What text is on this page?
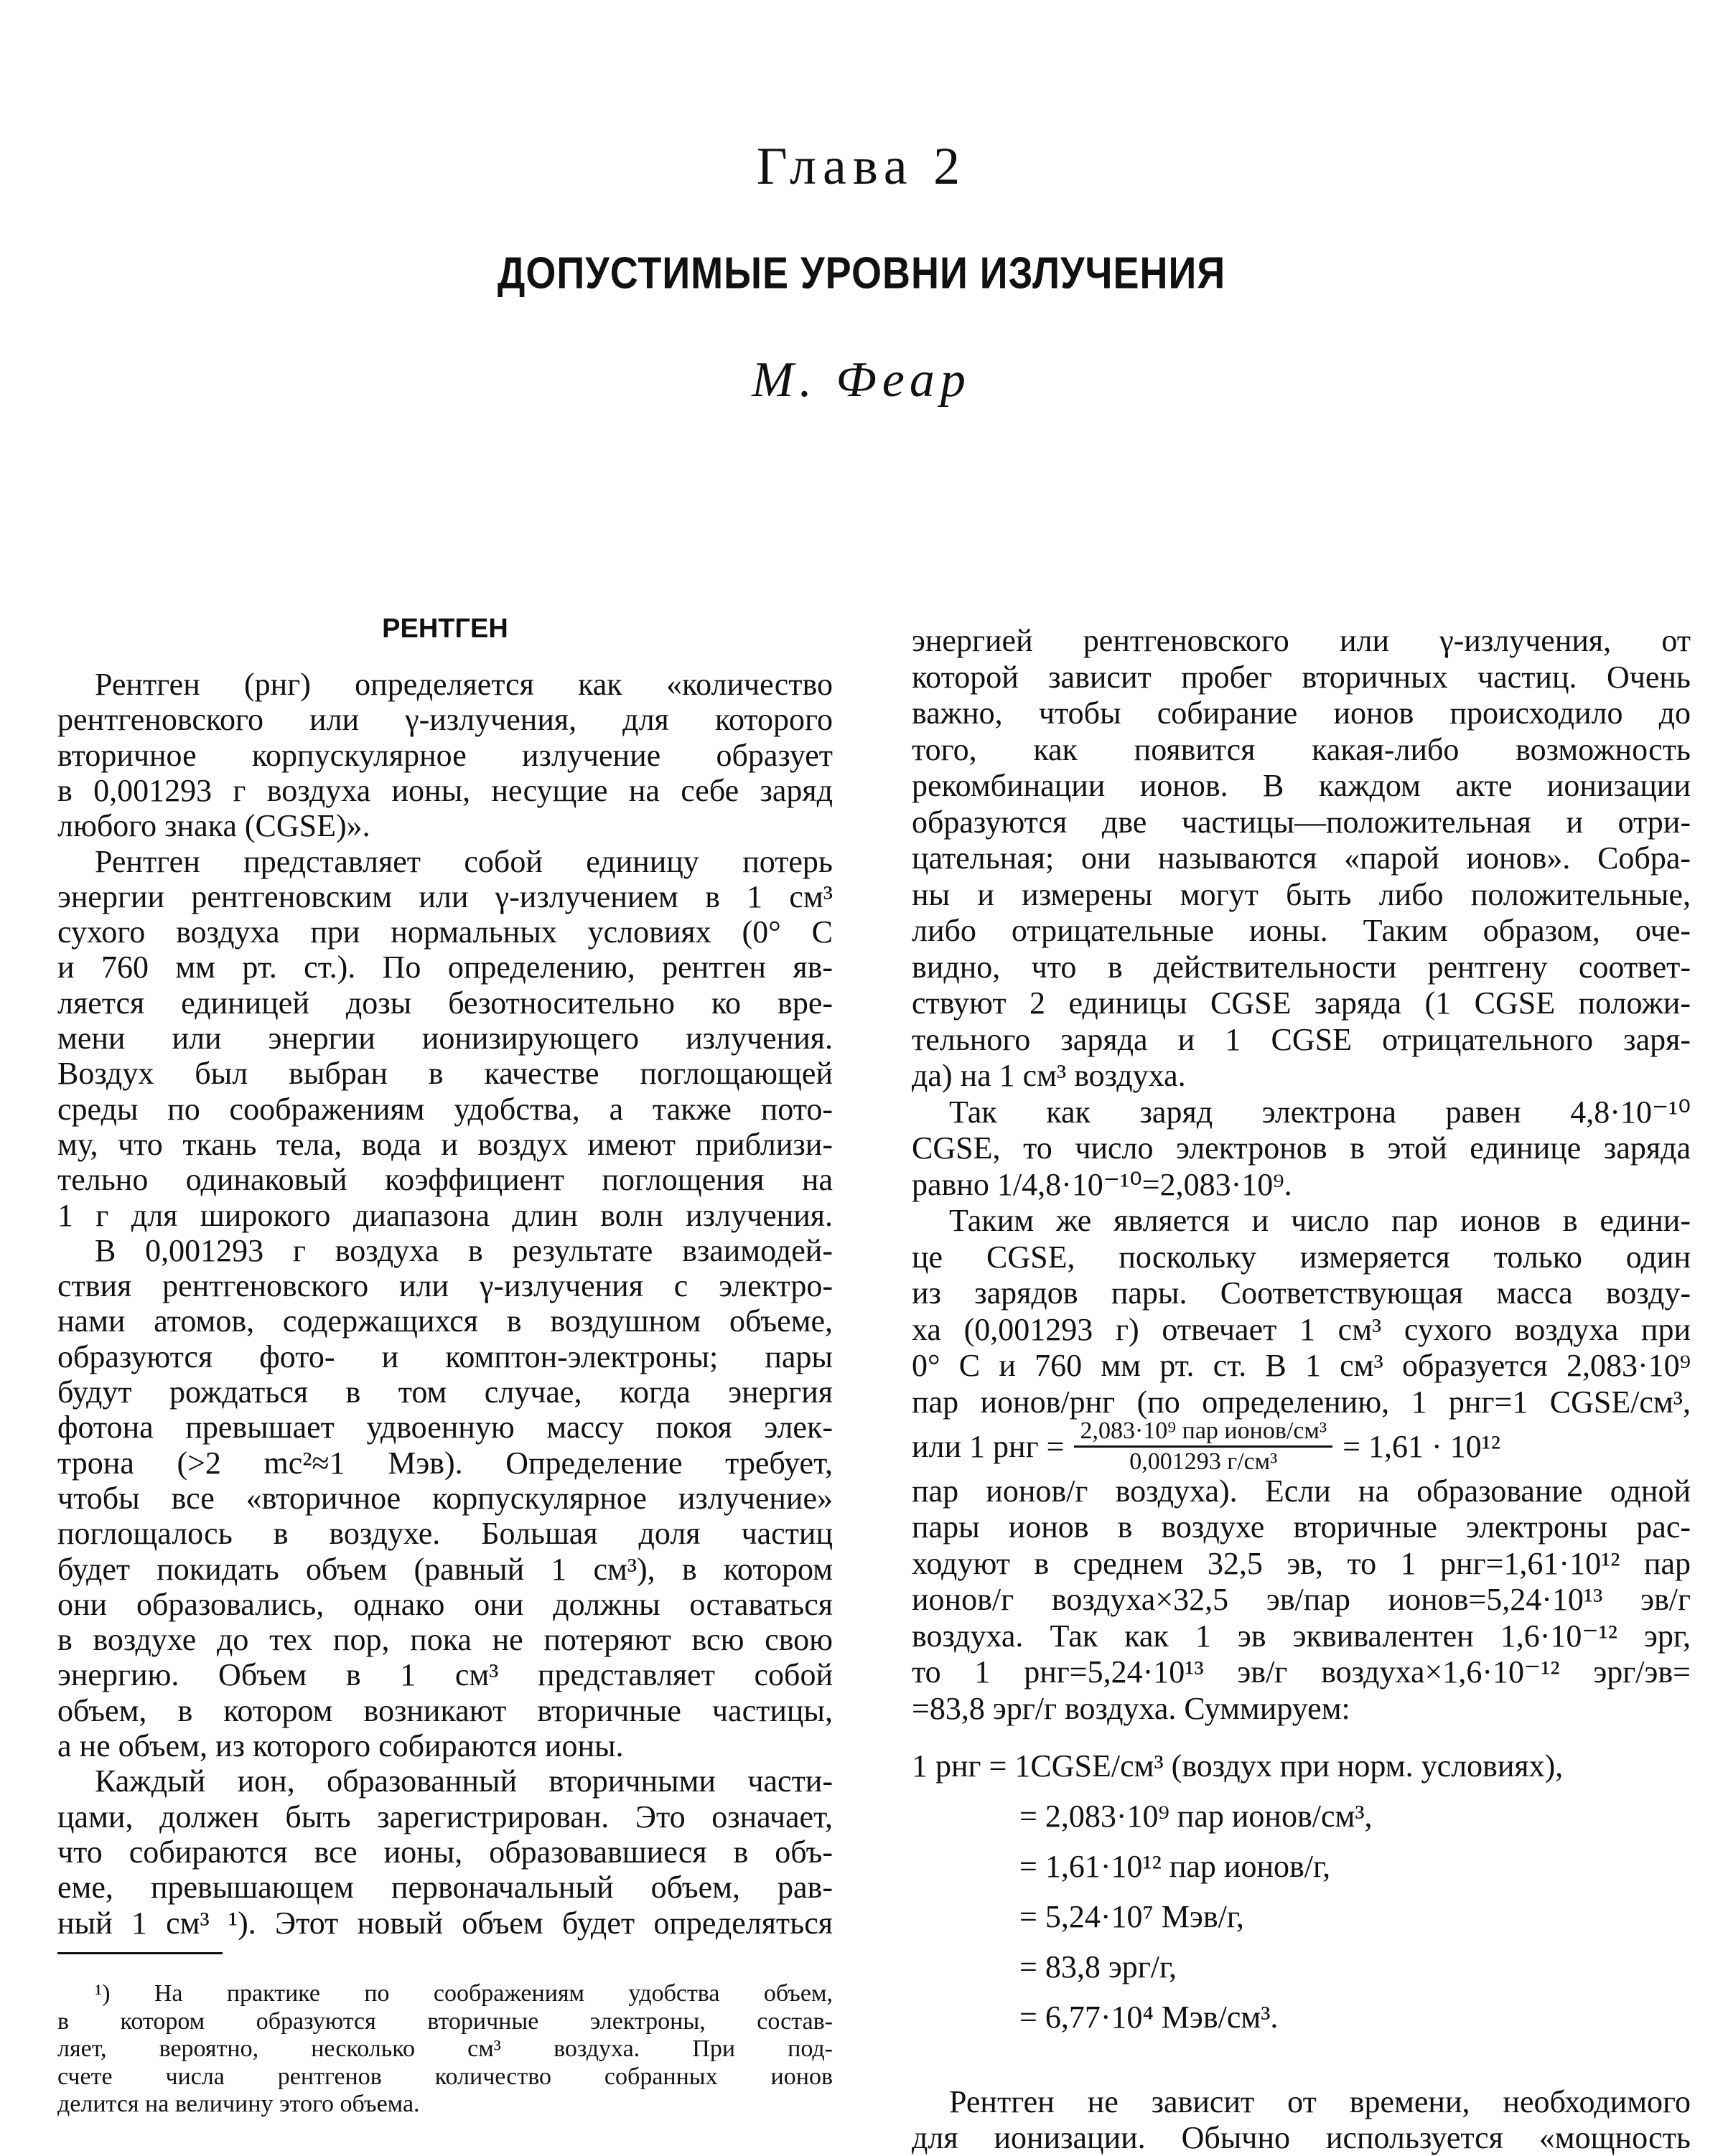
Глава 2
ДОПУСТИМЫЕ УРОВНИ ИЗЛУЧЕНИЯ
М. Феар
РЕНТГЕН
Рентген (рнг) определяется как «количество
рентгеновского или γ-излучения, для которого
вторичное корпускулярное излучение образует
в 0,001293 г воздуха ионы, несущие на себе заряд
любого знака (CGSE)».
Рентген представляет собой единицу потерь
энергии рентгеновским или γ-излучением в 1 см³
сухого воздуха при нормальных условиях (0° С
и 760 мм рт. ст.). По определению, рентген яв-
ляется единицей дозы безотносительно ко вре-
мени или энергии ионизирующего излучения.
Воздух был выбран в качестве поглощающей
среды по соображениям удобства, а также пото-
му, что ткань тела, вода и воздух имеют приблизи-
тельно одинаковый коэффициент поглощения на
1 г для широкого диапазона длин волн излучения.
В 0,001293 г воздуха в результате взаимодей-
ствия рентгеновского или γ-излучения с электро-
нами атомов, содержащихся в воздушном объеме,
образуются фото- и комптон-электроны; пары
будут рождаться в том случае, когда энергия
фотона превышает удвоенную массу покоя элек-
трона (>2 mc²≈1 Мэв). Определение требует,
чтобы все «вторичное корпускулярное излучение»
поглощалось в воздухе. Большая доля частиц
будет покидать объем (равный 1 см³), в котором
они образовались, однако они должны оставаться
в воздухе до тех пор, пока не потеряют всю свою
энергию. Объем в 1 см³ представляет собой
объем, в котором возникают вторичные частицы,
а не объем, из которого собираются ионы.
Каждый ион, образованный вторичными части-
цами, должен быть зарегистрирован. Это означает,
что собираются все ионы, образовавшиеся в объ-
еме, превышающем первоначальный объем, рав-
ный 1 см³ ¹). Этот новый объем будет определяться
¹) На практике по соображениям удобства объем,
в котором образуются вторичные электроны, состав-
ляет, вероятно, несколько см³ воздуха. При под-
счете числа рентгенов количество собранных ионов
делится на величину этого объема.
энергией рентгеновского или γ-излучения, от
которой зависит пробег вторичных частиц. Очень
важно, чтобы собирание ионов происходило до
того, как появится какая-либо возможность
рекомбинации ионов. В каждом акте ионизации
образуются две частицы—положительная и отри-
цательная; они называются «парой ионов». Собра-
ны и измерены могут быть либо положительные,
либо отрицательные ионы. Таким образом, оче-
видно, что в действительности рентгену соответ-
ствуют 2 единицы CGSE заряда (1 CGSE положи-
тельного заряда и 1 CGSE отрицательного заря-
да) на 1 см³ воздуха.
Так как заряд электрона равен 4,8·10⁻¹⁰
CGSE, то число электронов в этой единице заряда
равно 1/4,8·10⁻¹⁰=2,083·10⁹.
Таким же является и число пар ионов в едини-
це CGSE, поскольку измеряется только один
из зарядов пары. Соответствующая масса возду-
ха (0,001293 г) отвечает 1 см³ сухого воздуха при
0° С и 760 мм рт. ст. В 1 см³ образуется 2,083·10⁹
пар ионов/рнг (по определению, 1 рнг=1 CGSE/см³,
или 1 рнг = $\frac{\text{2,083·10⁹ пар ионов/см³}}{\text{0,001293 г/см³}} = 1,61 \cdot 10^{12}$
пар ионов/г воздуха). Если на образование одной
пары ионов в воздухе вторичные электроны рас-
ходуют в среднем 32,5 эв, то 1 рнг=1,61·10¹² пар
ионов/г воздуха×32,5 эв/пар ионов=5,24·10¹³ эв/г
воздуха. Так как 1 эв эквивалентен 1,6·10⁻¹² эрг,
то 1 рнг=5,24·10¹³ эв/г воздуха×1,6·10⁻¹² эрг/эв=
=83,8 эрг/г воздуха. Суммируем:
1 рнг = 1CGSE/см³ (воздух при норм. условиях),
= 2,083·10⁹ пар ионов/см³,
= 1,61·10¹² пар ионов/г,
= 5,24·10⁷ Мэв/г,
= 83,8 эрг/г,
= 6,77·10⁴ Мэв/см³.
Рентген не зависит от времени, необходимого
для ионизации. Обычно используется «мощность
